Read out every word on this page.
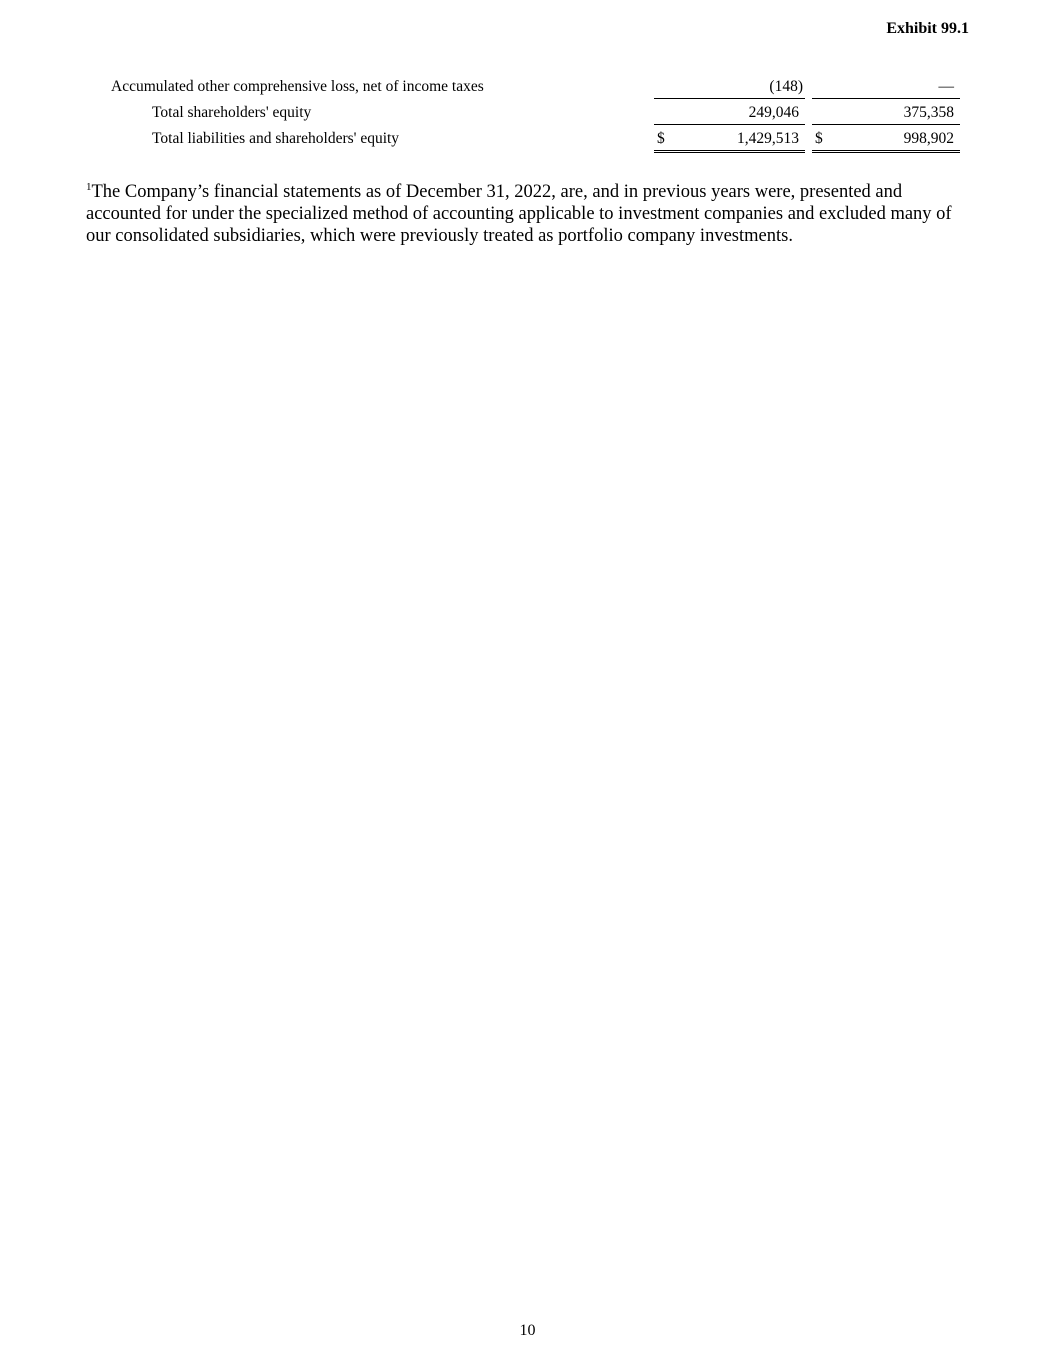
Exhibit 99.1
Accumulated other comprehensive loss, net of income taxes	(148)	—
Total shareholders' equity	249,046	375,358
Total liabilities and shareholders' equity	$	1,429,513 $	998,902
$^1$The Company’s financial statements as of December 31, 2022, are, and in previous years were, presented and accounted for under the specialized method of accounting applicable to investment companies and excluded many of our consolidated subsidiaries, which were previously treated as portfolio company investments.
10
